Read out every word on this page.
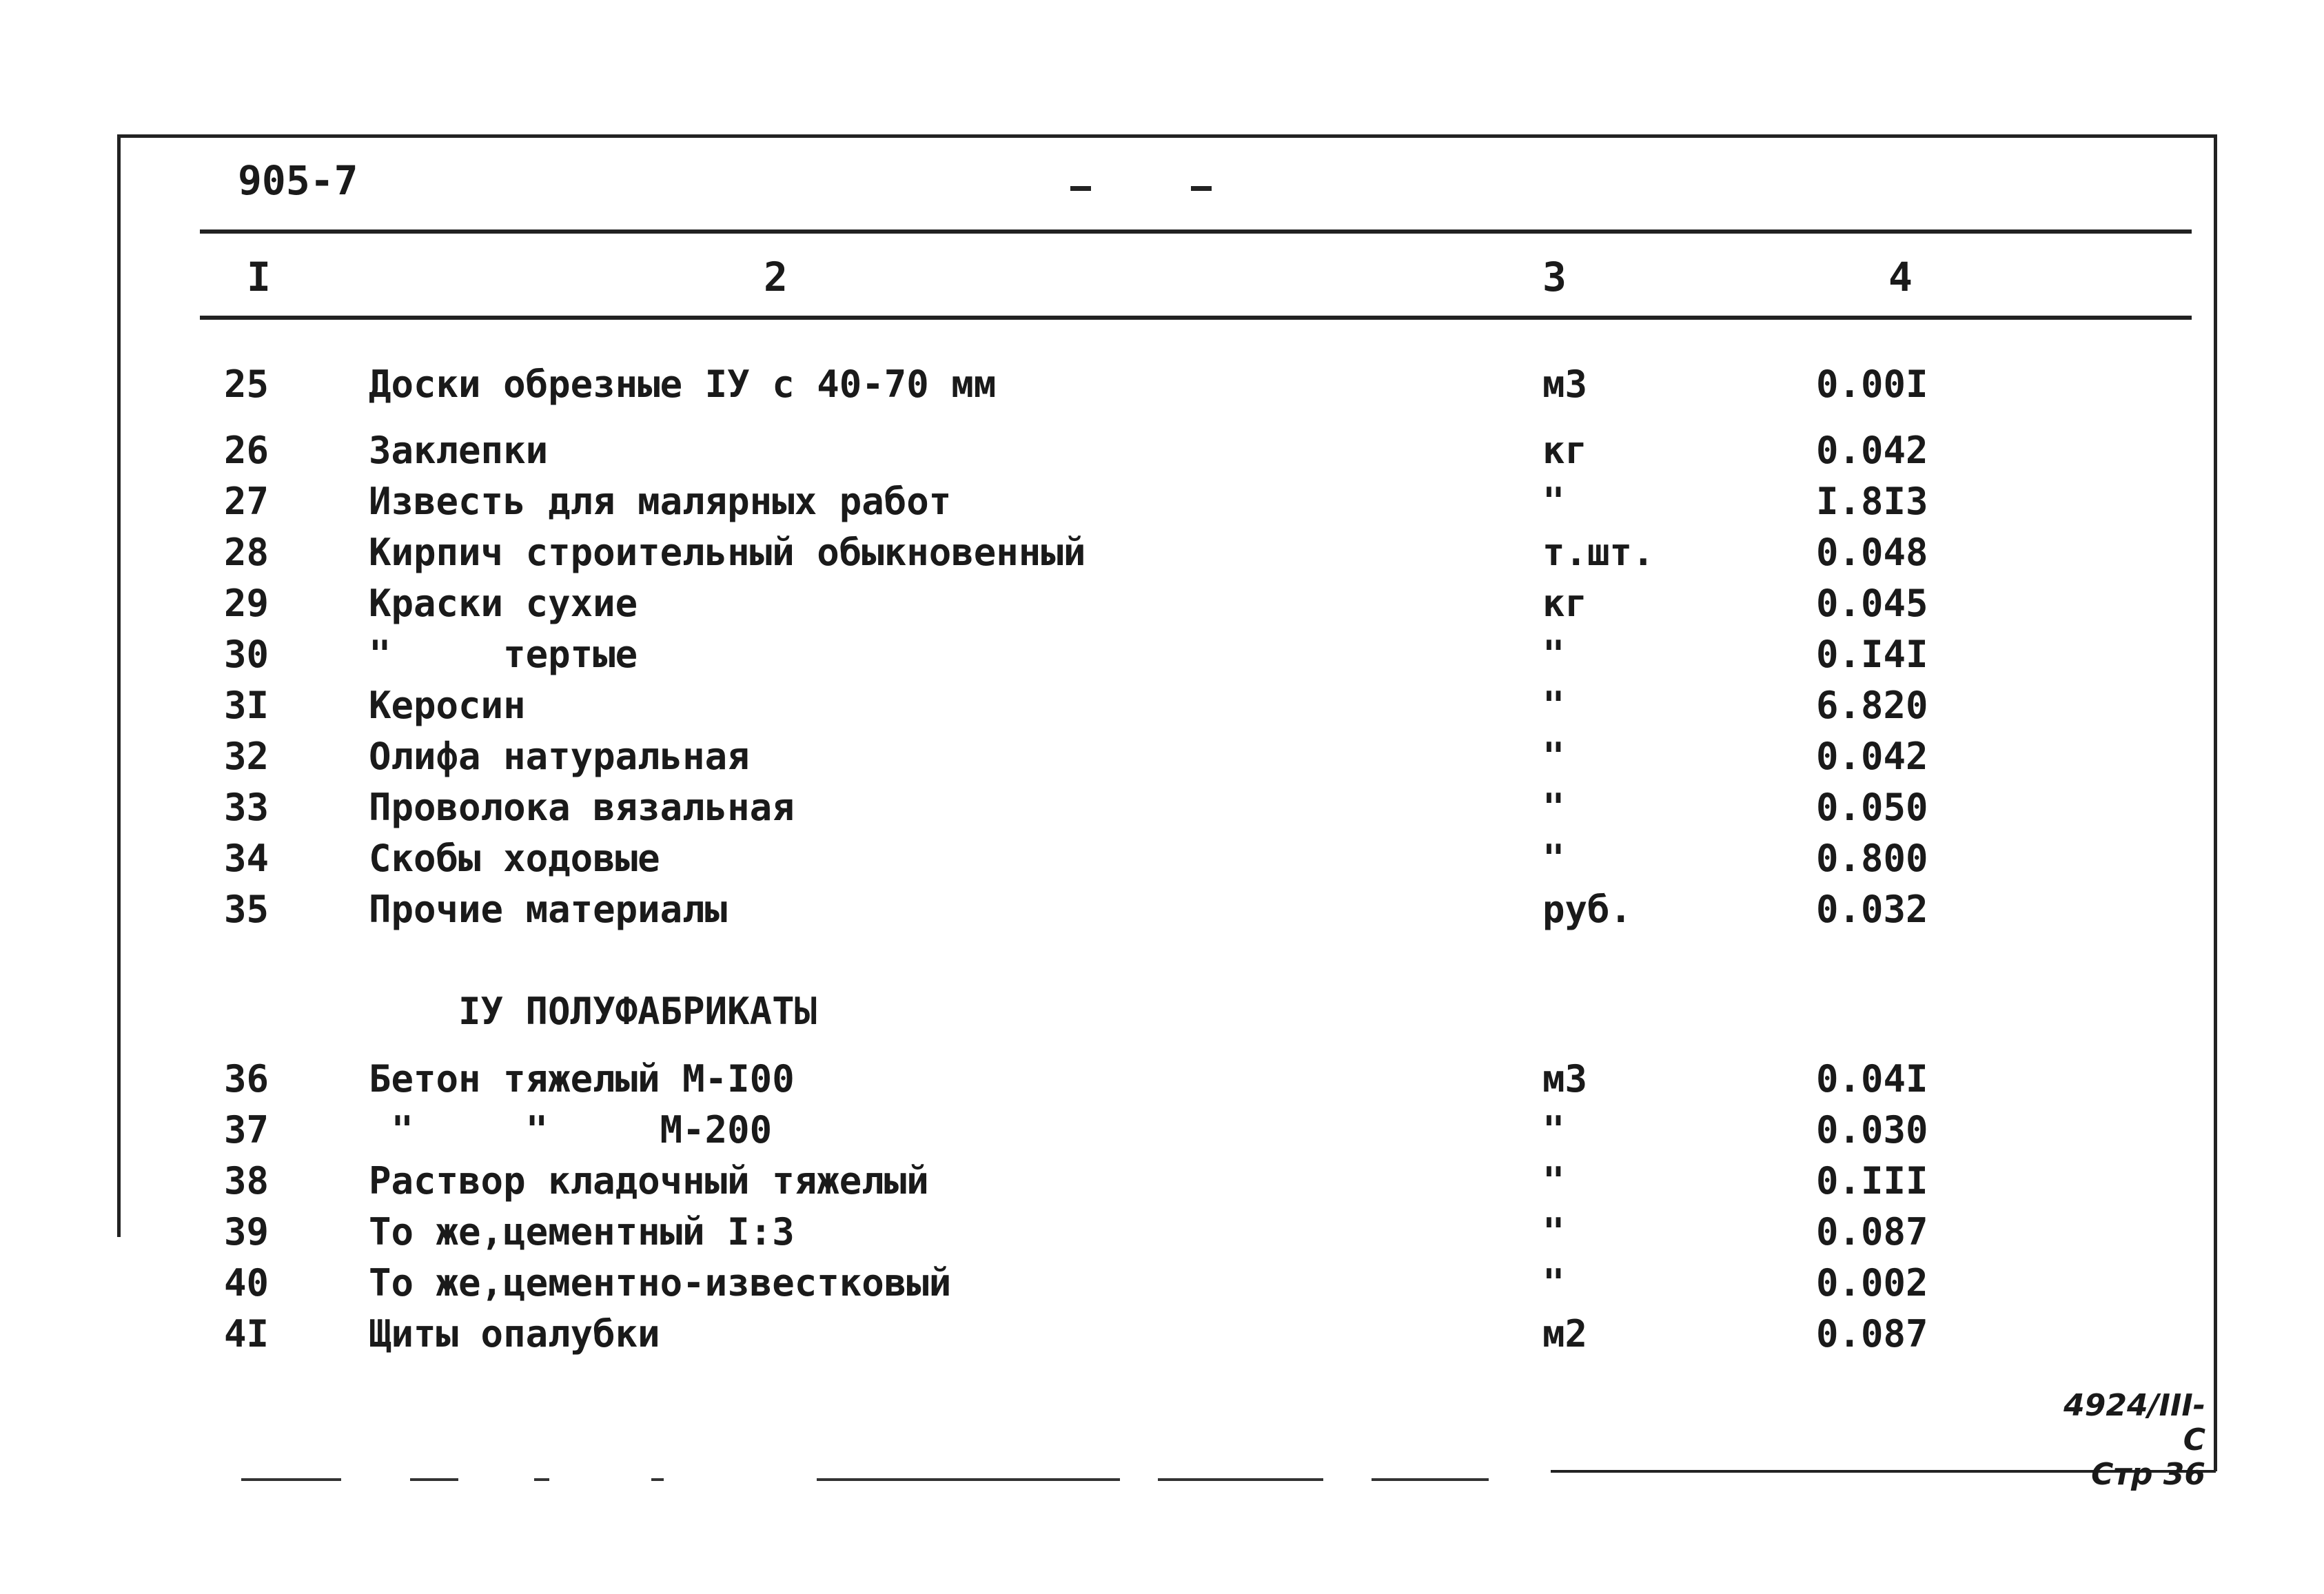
905-7
I	2	3	4
25	Доски обрезные IУ с 40-70 мм	м3	0.00I
26	Заклепки	кг	0.042
27	Известь для малярных работ	"	I.8I3
28	Кирпич строительный обыкновенный	т.шт.	0.048
29	Краски сухие	кг	0.045
30	"     тертые	"	0.I4I
3I	Керосин	"	6.820
32	Олифа натуральная	"	0.042
33	Проволока вязальная	"	0.050
34	Скобы ходовые	"	0.800
35	Прочие материалы	руб.	0.032
IУ ПОЛУФАБРИКАТЫ
36	Бетон тяжелый М-I00	м3	0.04I
37	"     "     М-200	"	0.030
38	Раствор кладочный тяжелый	"	0.III
39	То же,цементный I:3	"	0.087
40	То же,цементно-известковый	"	0.002
4I	Щиты опалубки	м2	0.087
4924/III-C
Стр 36
